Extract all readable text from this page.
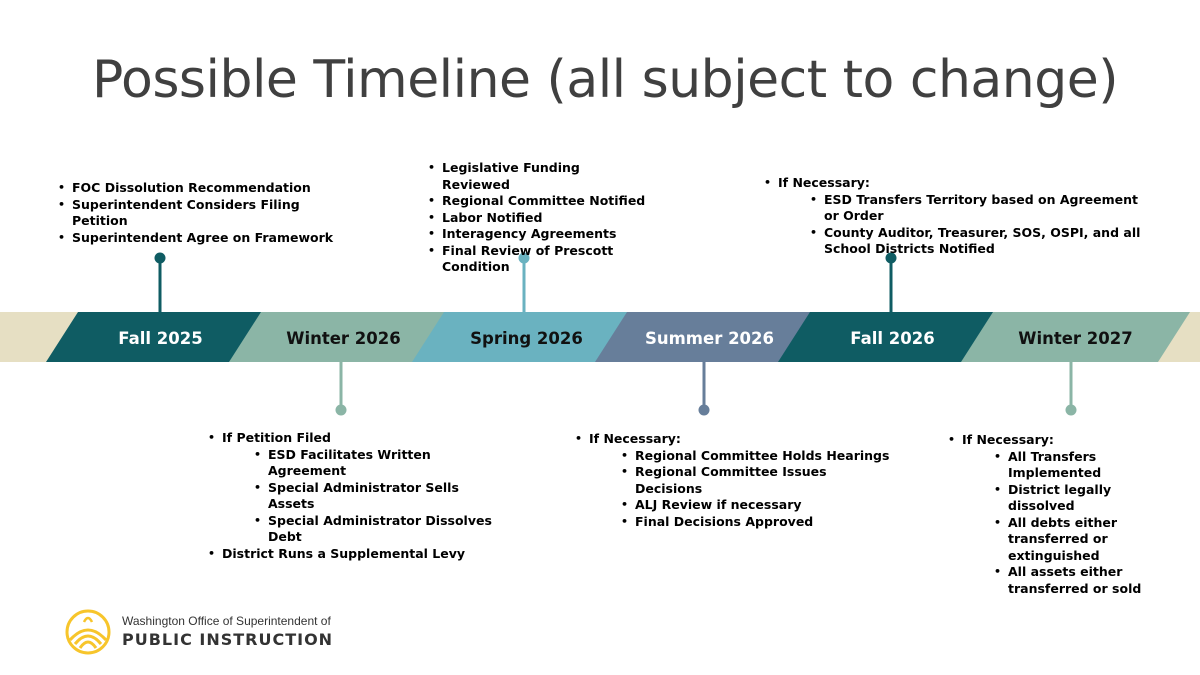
Possible Timeline (all subject to change)
Fall 2025	Winter 2026	Spring 2026	Summer 2026	Fall 2026	Winter 2027
• FOC Dissolution Recommendation
• Superintendent Considers Filing Petition
• Superintendent Agree on Framework
• Legislative Funding Reviewed
• Regional Committee Notified
• Labor Notified
• Interagency Agreements
• Final Review of Prescott Condition
• If Necessary:
• ESD Transfers Territory based on Agreement or Order
• County Auditor, Treasurer, SOS, OSPI, and all School Districts Notified
• If Petition Filed
• ESD Facilitates Written Agreement
• Special Administrator Sells Assets
• Special Administrator Dissolves Debt
• District Runs a Supplemental Levy
• If Necessary:
• Regional Committee Holds Hearings
• Regional Committee Issues Decisions
• ALJ Review if necessary
• Final Decisions Approved
• If Necessary:
• All Transfers Implemented
• District legally dissolved
• All debts either transferred or extinguished
• All assets either transferred or sold
Washington Office of Superintendent of
PUBLIC INSTRUCTION
